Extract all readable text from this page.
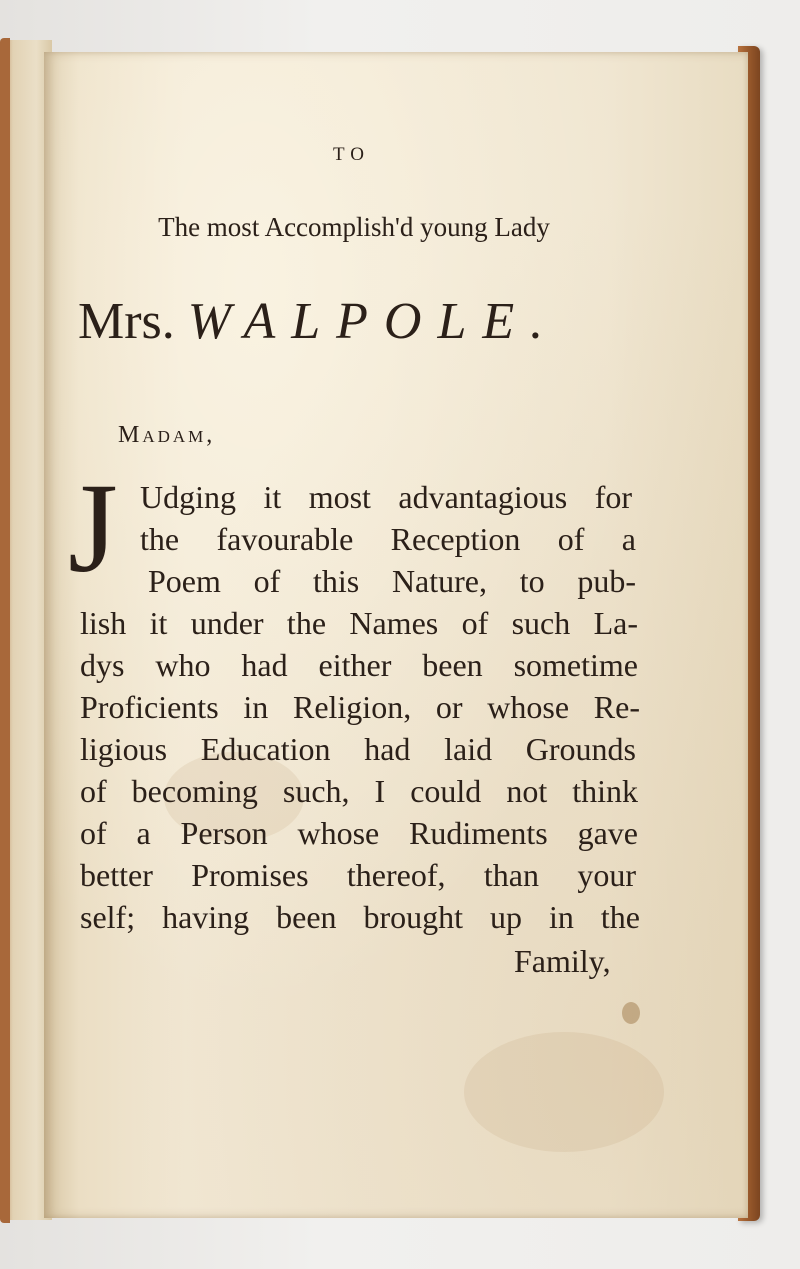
TO
The most Accomplish'd young Lady
Mrs. WALPOLE.
Madam,
J Udging it most advantagious for
the favourable Reception of a
Poem of this Nature, to pub-
lish it under the Names of such La-
dys who had either been sometime
Proficients in Religion, or whose Re-
ligious Education had laid Grounds
of becoming such, I could not think
of a Person whose Rudiments gave
better Promises thereof, than your
self; having been brought up in the
Family,
